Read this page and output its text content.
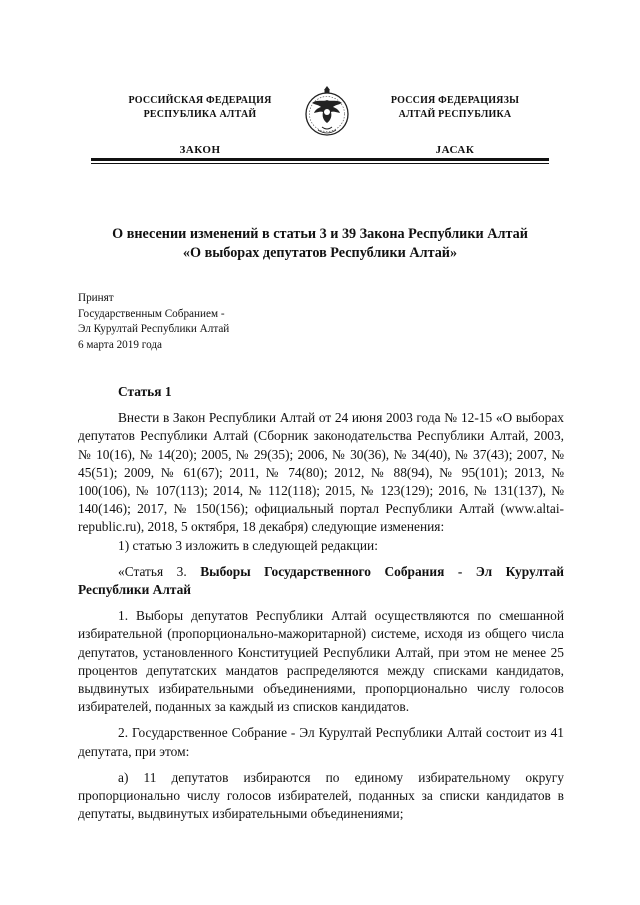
РОССИЙСКАЯ ФЕДЕРАЦИЯ
РЕСПУБЛИКА АЛТАЙ
ЗАКОН
РОССИЯ ФЕДЕРАЦИЯЗЫ
АЛТАЙ РЕСПУБЛИКА
JАСАК
О внесении изменений в статьи 3 и 39 Закона Республики Алтай
«О выборах депутатов Республики Алтай»
Принят
Государственным Собранием -
Эл Курултай Республики Алтай
6 марта 2019 года
Статья 1

Внести в Закон Республики Алтай от 24 июня 2003 года № 12-15 «О выборах депутатов Республики Алтай (Сборник законодательства Республики Алтай, 2003, № 10(16), № 14(20); 2005, № 29(35); 2006, № 30(36), № 34(40), № 37(43); 2007, № 45(51); 2009, № 61(67); 2011, № 74(80); 2012, № 88(94), № 95(101); 2013, № 100(106), № 107(113); 2014, № 112(118); 2015, № 123(129); 2016, № 131(137), № 140(146); 2017, № 150(156); официальный портал Республики Алтай (www.altai-republic.ru), 2018, 5 октября, 18 декабря) следующие изменения:

1) статью 3 изложить в следующей редакции:

«Статья 3. Выборы Государственного Собрания - Эл Курултай Республики Алтай

1. Выборы депутатов Республики Алтай осуществляются по смешанной избирательной (пропорционально-мажоритарной) системе, исходя из общего числа депутатов, установленного Конституцией Республики Алтай, при этом не менее 25 процентов депутатских мандатов распределяются между списками кандидатов, выдвинутых избирательными объединениями, пропорционально числу голосов избирателей, поданных за каждый из списков кандидатов.

2. Государственное Собрание - Эл Курултай Республики Алтай состоит из 41 депутата, при этом:

а) 11 депутатов избираются по единому избирательному округу пропорционально числу голосов избирателей, поданных за списки кандидатов в депутаты, выдвинутых избирательными объединениями;
